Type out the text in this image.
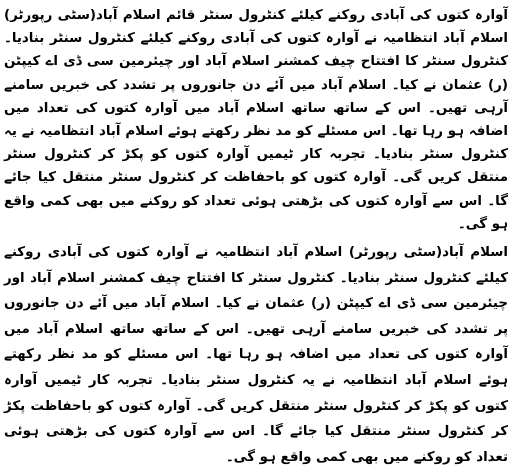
آوارہ کتوں کی آبادی روکنے کیلئے کنٹرول سنٹر قائم اسلام آباد(سٹی رپورٹر) اسلام آباد انتظامیہ نے آوارہ کتوں کی آبادی روکنے کیلئے کنٹرول سنٹر بنادیا۔ کنٹرول سنٹر کا افتتاح چیف کمشنر اسلام آباد اور چیئرمین سی ڈی اے کیپٹن (ر) عثمان نے کیا۔ اسلام آباد میں آئے دن جانوروں پر تشدد کی خبریں سامنے آرہی تھیں۔ اس کے ساتھ ساتھ اسلام آباد میں آوارہ کتوں کی تعداد میں اضافہ ہو رہا تھا۔ اس مسئلے کو مد نظر رکھتے ہوئے اسلام آباد انتظامیہ نے یہ کنٹرول سنٹر بنادیا۔ تجربہ کار ٹیمیں آوارہ کتوں کو پکڑ کر کنٹرول سنٹر منتقل کریں گی۔ آوارہ کتوں کو باحفاظت کر کنٹرول سنٹر منتقل کیا جائے گا۔ اس سے آوارہ کتوں کی بڑھتی ہوئی تعداد کو روکنے میں بھی کمی واقع ہو گی۔

اسلام آباد(سٹی رپورٹر) اسلام آباد انتظامیہ نے آوارہ کتوں کی آبادی روکنے کیلئے کنٹرول سنٹر بنادیا۔ کنٹرول سنٹر کا افتتاح چیف کمشنر اسلام آباد اور چیئرمین سی ڈی اے کیپٹن (ر) عثمان نے کیا۔ اسلام آباد میں آئے دن جانوروں پر تشدد کی خبریں سامنے آرہی تھیں۔ اس کے ساتھ ساتھ اسلام آباد میں آوارہ کتوں کی تعداد میں اضافہ ہو رہا تھا۔ اس مسئلے کو مد نظر رکھتے ہوئے اسلام آباد انتظامیہ نے یہ کنٹرول سنٹر بنادیا۔ تجربہ کار ٹیمیں آوارہ کتوں کو پکڑ کر کنٹرول سنٹر منتقل کریں گی۔ آوارہ کتوں کو باحفاظت پکڑ کر کنٹرول سنٹر منتقل کیا جائے گا۔ اس سے آوارہ کتوں کی بڑھتی ہوئی تعداد کو روکنے میں بھی کمی واقع ہو گی۔
